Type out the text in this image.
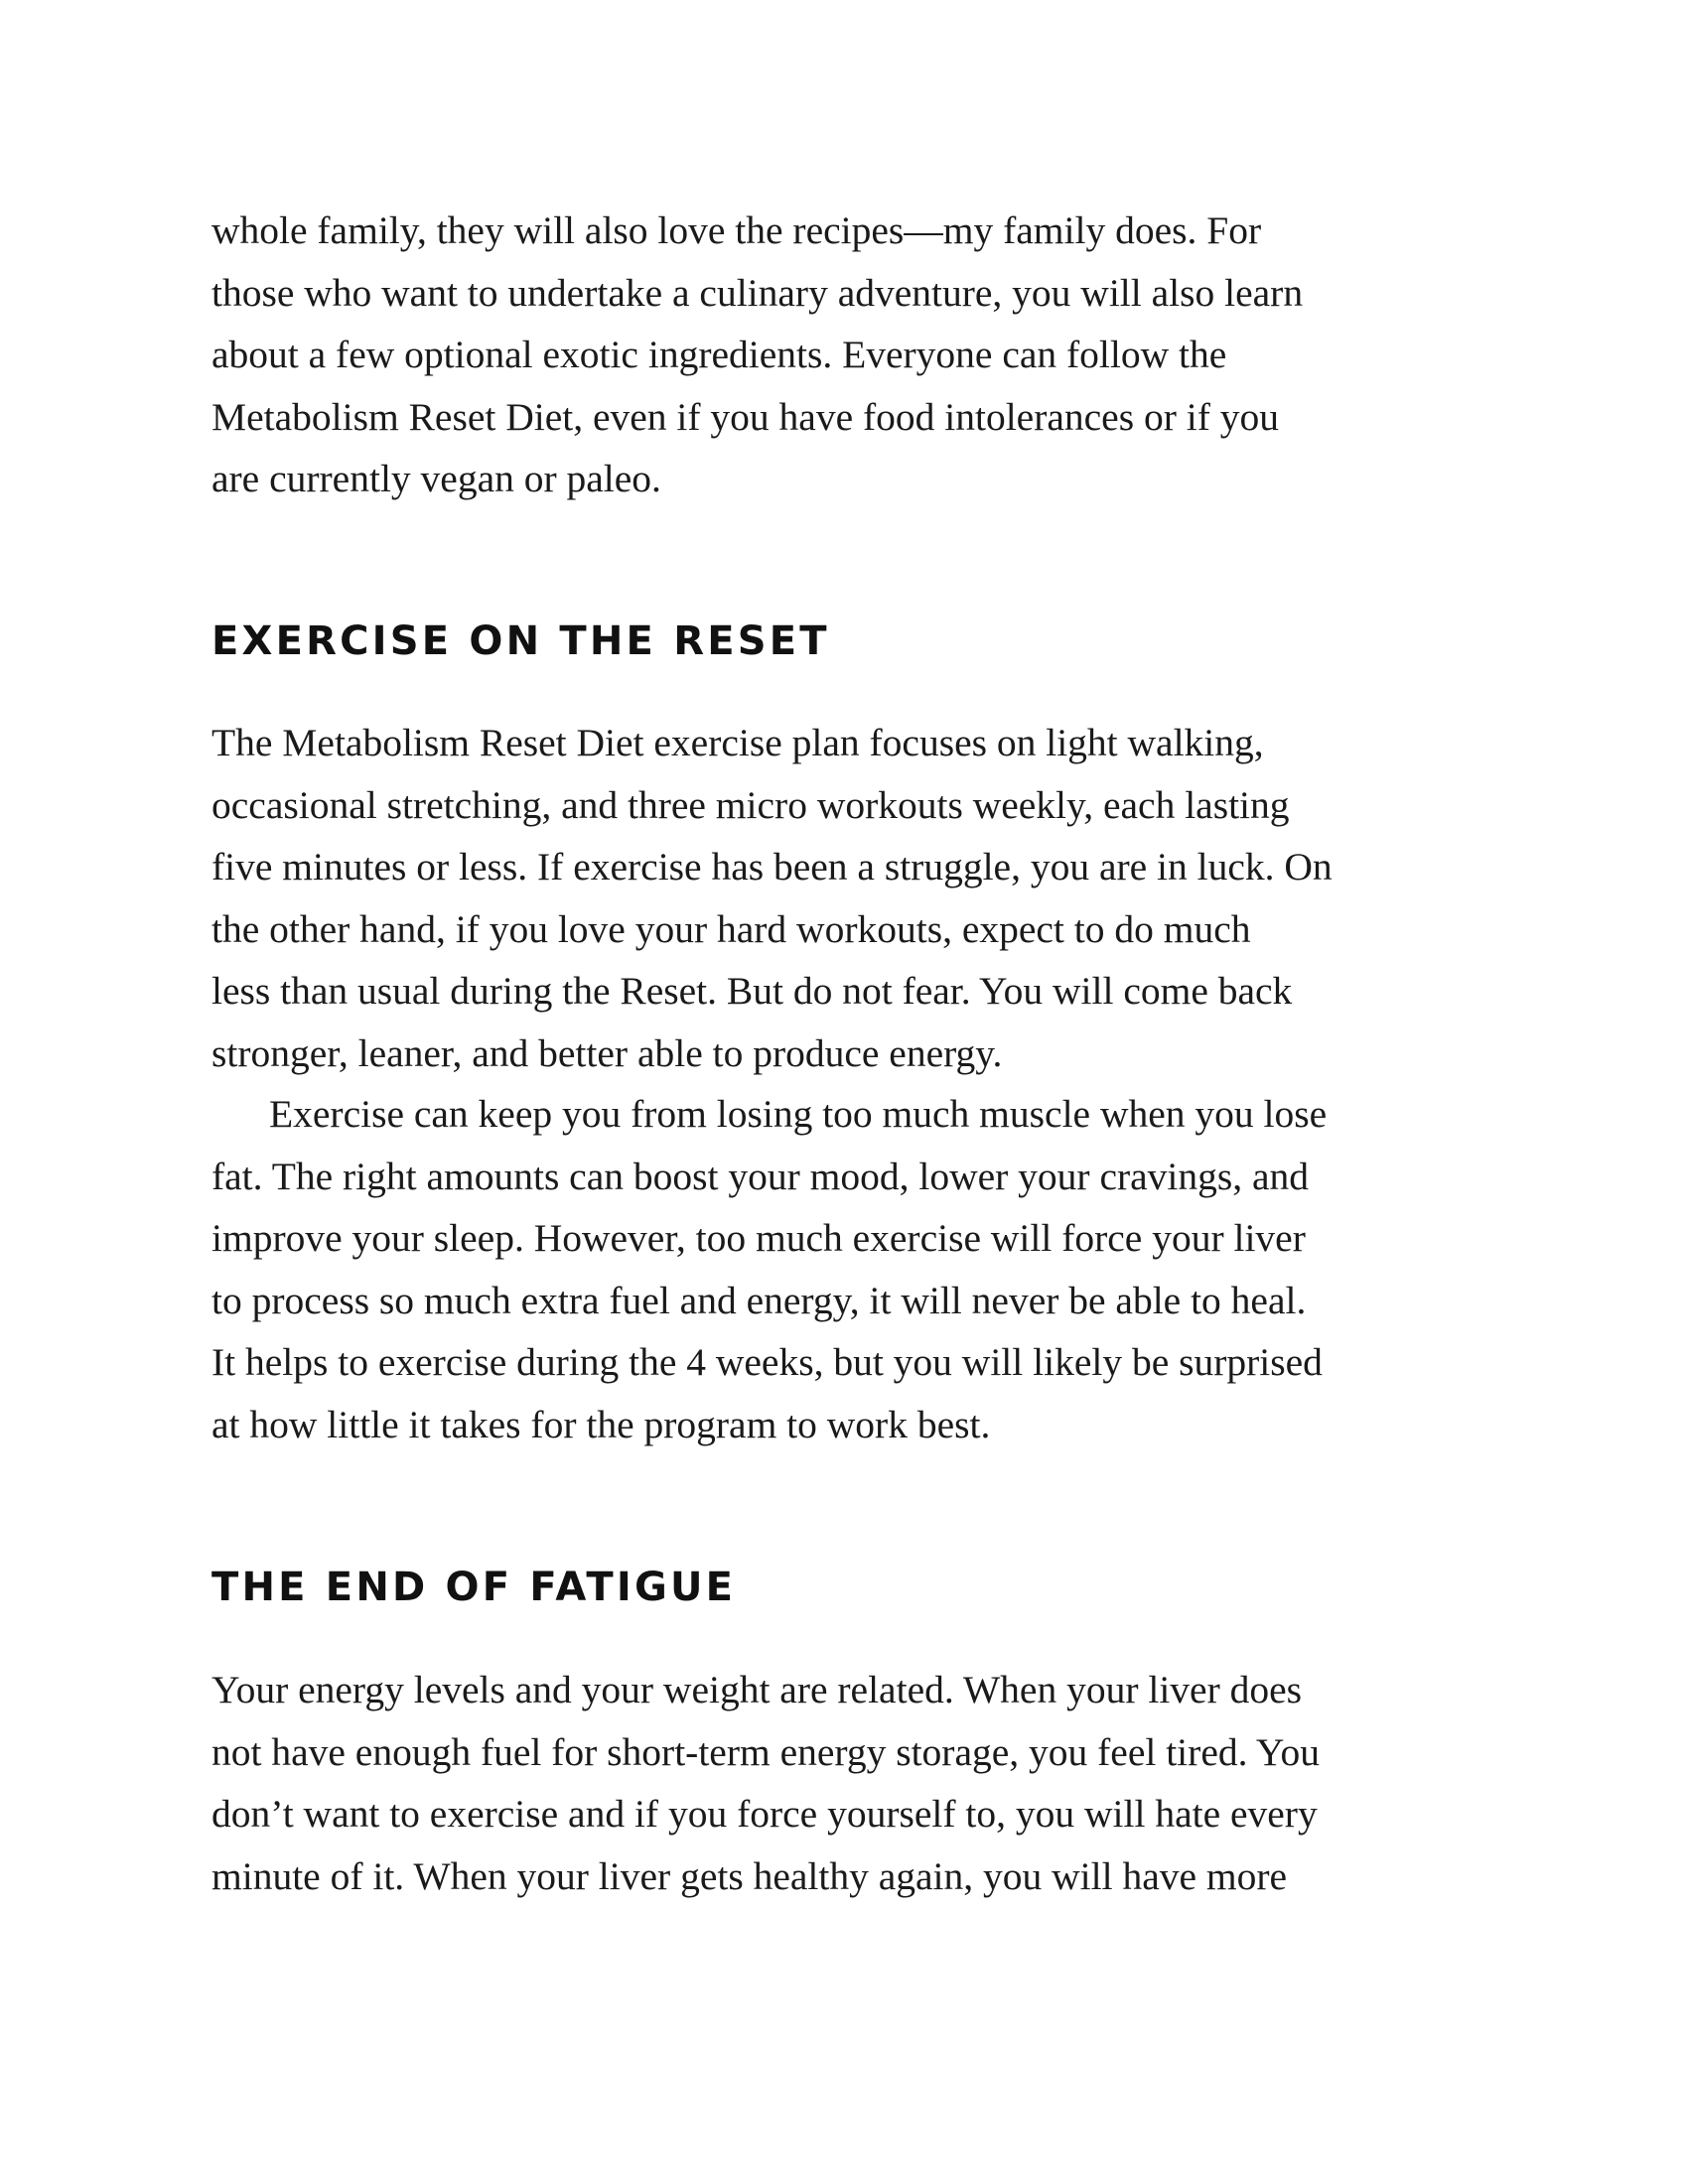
whole family, they will also love the recipes—my family does. For
those who want to undertake a culinary adventure, you will also learn
about a few optional exotic ingredients. Everyone can follow the
Metabolism Reset Diet, even if you have food intolerances or if you
are currently vegan or paleo.

EXERCISE ON THE RESET

The Metabolism Reset Diet exercise plan focuses on light walking,
occasional stretching, and three micro workouts weekly, each lasting
five minutes or less. If exercise has been a struggle, you are in luck. On
the other hand, if you love your hard workouts, expect to do much
less than usual during the Reset. But do not fear. You will come back
stronger, leaner, and better able to produce energy.

Exercise can keep you from losing too much muscle when you lose
fat. The right amounts can boost your mood, lower your cravings, and
improve your sleep. However, too much exercise will force your liver
to process so much extra fuel and energy, it will never be able to heal.
It helps to exercise during the 4 weeks, but you will likely be surprised
at how little it takes for the program to work best.

THE END OF FATIGUE

Your energy levels and your weight are related. When your liver does
not have enough fuel for short-term energy storage, you feel tired. You
don’t want to exercise and if you force yourself to, you will hate every
minute of it. When your liver gets healthy again, you will have more
